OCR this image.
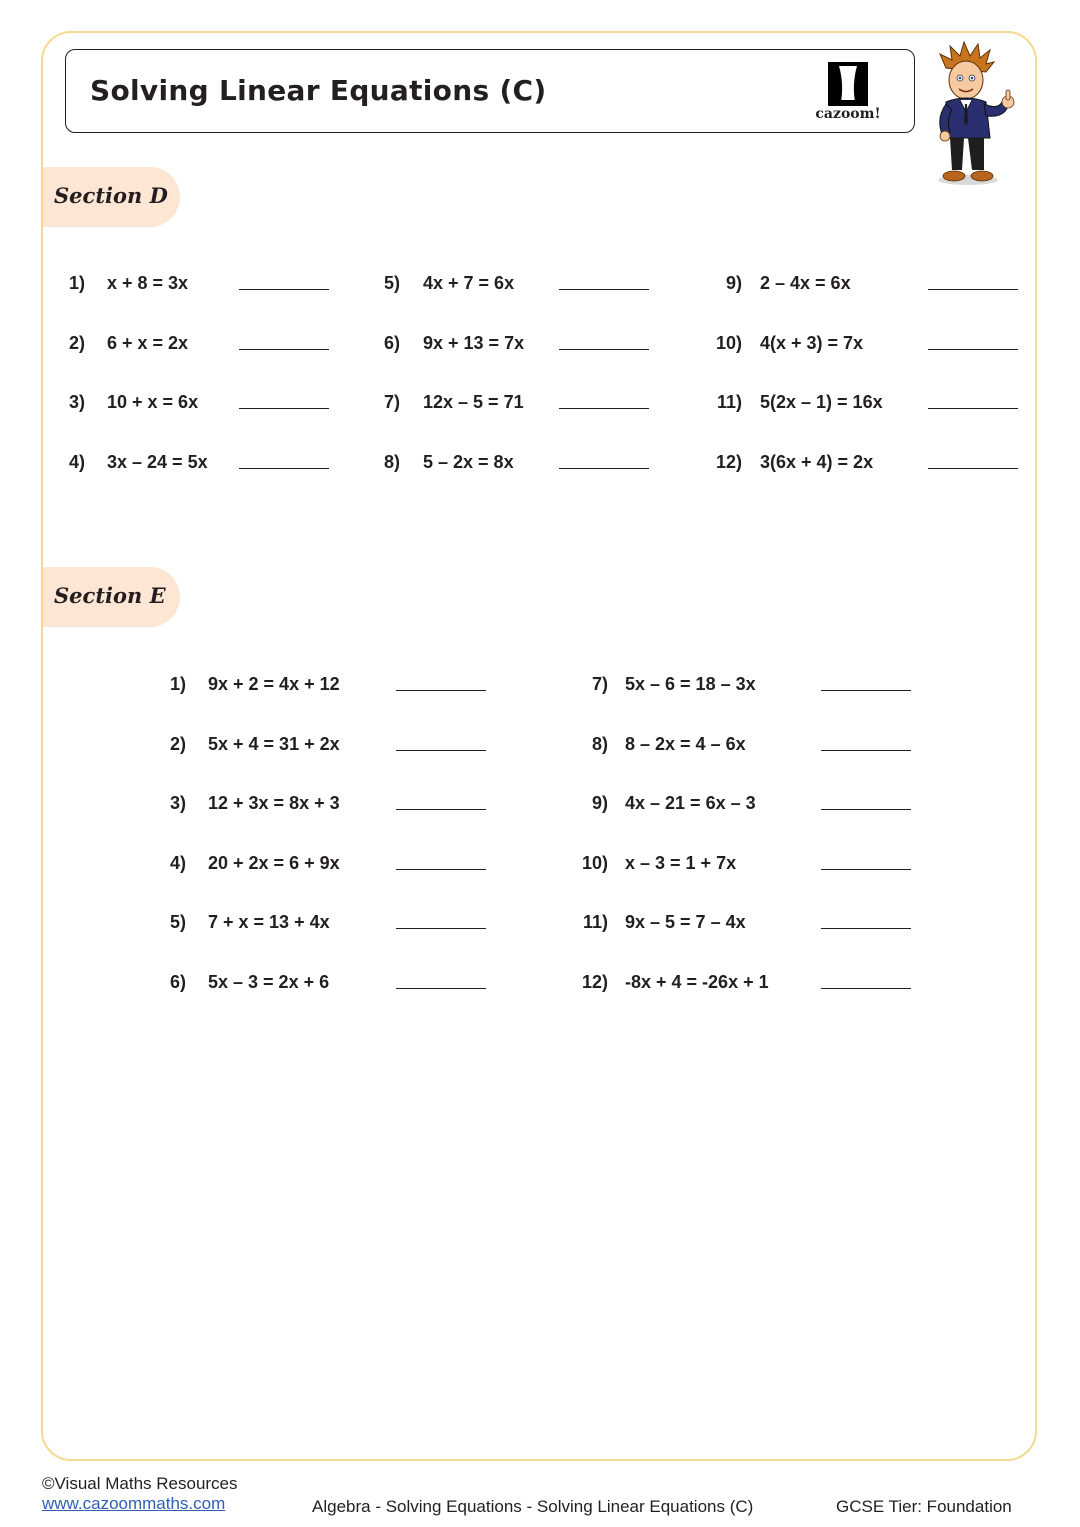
Solving Linear Equations (C)
cazoom!
Section D
Section E
©Visual Maths Resources
www.cazoommaths.com	Algebra - Solving Equations - Solving Linear Equations (C)	GCSE Tier: Foundation
1) x + 8 = 3x
2) 6 + x = 2x
3) 10 + x = 6x
4) 3x – 24 = 5x
5) 4x + 7 = 6x
6) 9x + 13 = 7x
7) 12x – 5 = 71
8) 5 – 2x = 8x
9) 2 – 4x = 6x
10) 4(x + 3) = 7x
11) 5(2x – 1) = 16x
12) 3(6x + 4) = 2x
1) 9x + 2 = 4x + 12
2) 5x + 4 = 31 + 2x
3) 12 + 3x = 8x + 3
4) 20 + 2x = 6 + 9x
5) 7 + x = 13 + 4x
6) 5x – 3 = 2x + 6
7) 5x – 6 = 18 – 3x
8) 8 – 2x = 4 – 6x
9) 4x – 21 = 6x – 3
10) x – 3 = 1 + 7x
11) 9x – 5 = 7 – 4x
12) -8x + 4 = -26x + 1
